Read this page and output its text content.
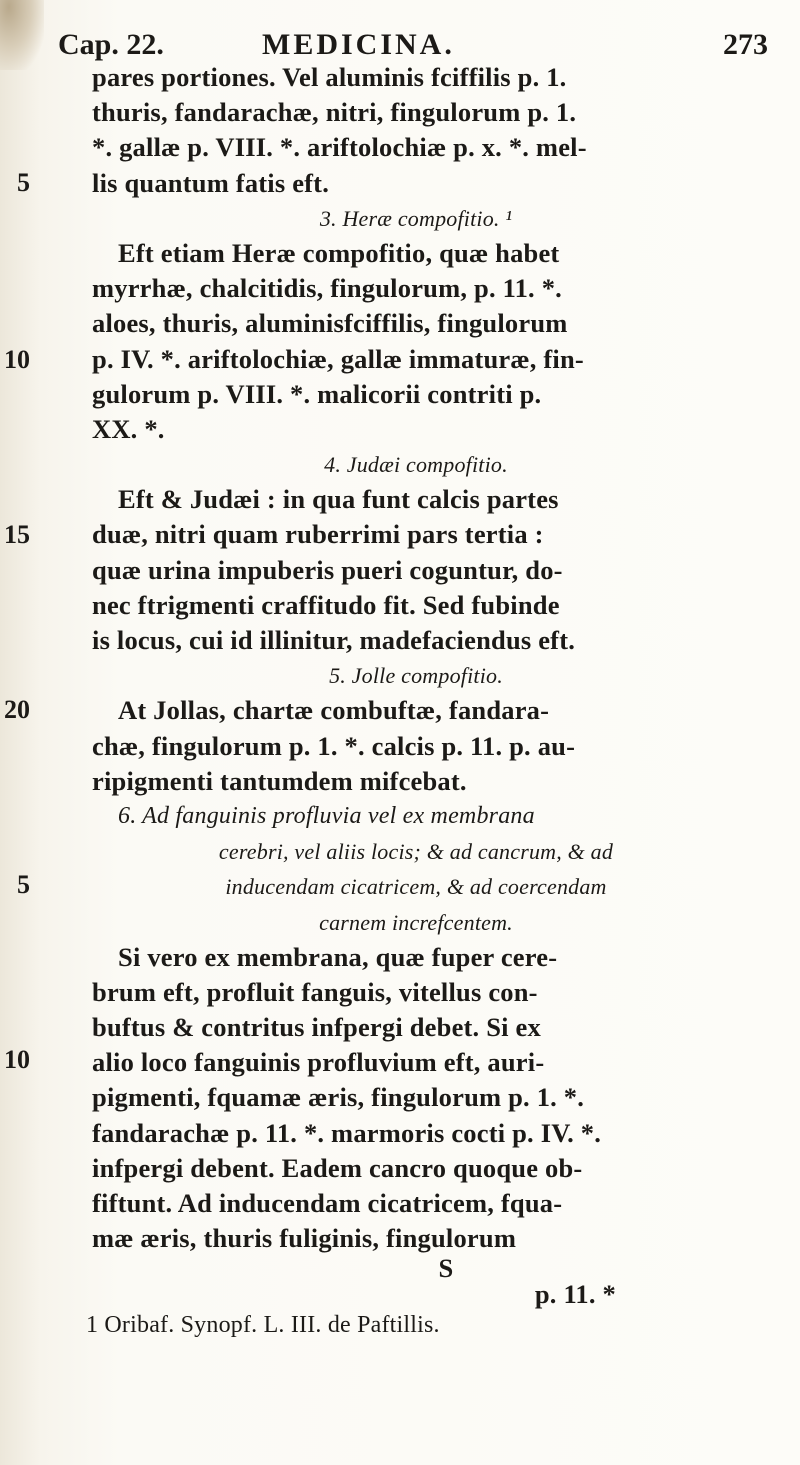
Cap. 22.	MEDICINA.	273
5
10
15
20
5
10
pares portiones. Vel aluminis fciffilis p. 1.
thuris, fandarachæ, nitri, fingulorum p. 1.
*. gallæ p. VIII. *. ariftolochiæ p. x. *. mel-
lis quantum fatis eft.
3. Heræ compofitio. ¹
Eft etiam Heræ compofitio, quæ habet
myrrhæ, chalcitidis, fingulorum, p. 11. *.
aloes, thuris, aluminisfciffilis, fingulorum
p. IV. *. ariftolochiæ, gallæ immaturæ, fin-
gulorum p. VIII. *. malicorii contriti p.
XX. *.
4. Judæi compofitio.
Eft & Judæi : in qua funt calcis partes
duæ, nitri quam ruberrimi pars tertia :
quæ urina impuberis pueri coguntur, do-
nec ftrigmenti craffitudo fit. Sed fubinde
is locus, cui id illinitur, madefaciendus eft.
5. Jolle compofitio.
At Jollas, chartæ combuftæ, fandara-
chæ, fingulorum p. 1. *. calcis p. 11. p. au-
ripigmenti tantumdem mifcebat.
6. Ad fanguinis profluvia vel ex membrana
cerebri, vel aliis locis; & ad cancrum, & ad
inducendam cicatricem, & ad coercendam
carnem increfcentem.
Si vero ex membrana, quæ fuper cere-
brum eft, profluit fanguis, vitellus con-
buftus & contritus infpergi debet. Si ex
alio loco fanguinis profluvium eft, auri-
pigmenti, fquamæ æris, fingulorum p. 1. *.
fandarachæ p. 11. *. marmoris cocti p. IV. *.
infpergi debent. Eadem cancro quoque ob-
fiftunt. Ad inducendam cicatricem, fqua-
mæ æris, thuris fuliginis, fingulorum
S
p. 11. *
1 Oribaf. Synopf. L. III. de Paftillis.
